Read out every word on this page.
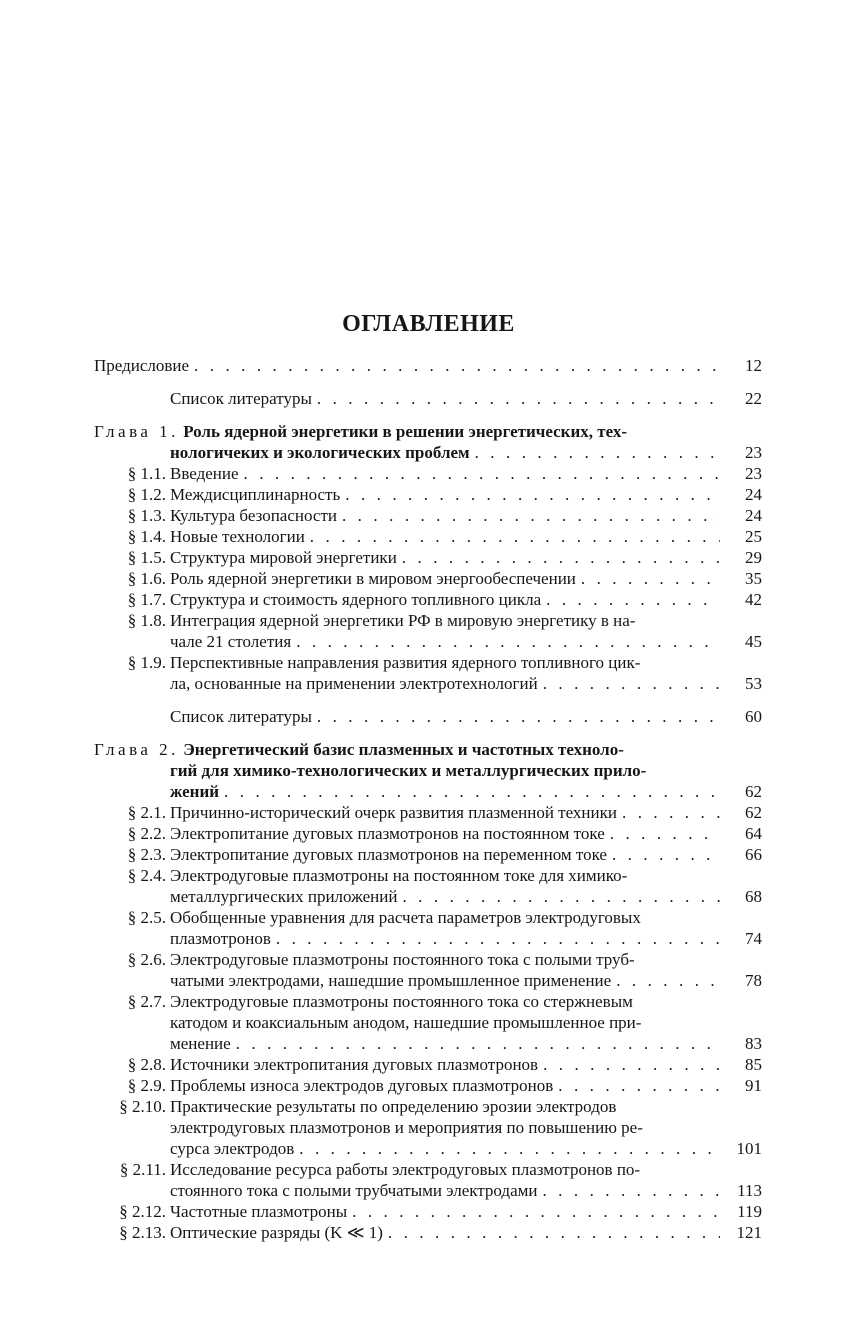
ОГЛАВЛЕНИЕ
Предисловие . . .	12
Список литературы . . .	22
Глава 1. Роль ядерной энергетики в решении энергетических, тех-
нологичеких и экологических проблем . . .	23
§ 1.1. Введение . . .	23
§ 1.2. Междисциплинарность . . .	24
§ 1.3. Культура безопасности . . .	24
§ 1.4. Новые технологии . . .	25
§ 1.5. Структура мировой энергетики . . .	29
§ 1.6. Роль ядерной энергетики в мировом энергообеспечении . . .	35
§ 1.7. Структура и стоимость ядерного топливного цикла . . .	42
§ 1.8. Интеграция ядерной энергетики РФ в мировую энергетику в на-
чале 21 столетия . . .	45
§ 1.9. Перспективные направления развития ядерного топливного цик-
ла, основанные на применении электротехнологий . . .	53
Список литературы . . .	60
Глава 2. Энергетический базис плазменных и частотных техноло-
гий для химико-технологических и металлургических прило-
жений . . .	62
§ 2.1. Причинно-исторический очерк развития плазменной техники . . .	62
§ 2.2. Электропитание дуговых плазмотронов на постоянном токе . . .	64
§ 2.3. Электропитание дуговых плазмотронов на переменном токе . . .	66
§ 2.4. Электродуговые плазмотроны на постоянном токе для химико-
металлургических приложений . . .	68
§ 2.5. Обобщенные уравнения для расчета параметров электродуговых
плазмотронов . . .	74
§ 2.6. Электродуговые плазмотроны постоянного тока с полыми труб-
чатыми электродами, нашедшие промышленное применение . . .	78
§ 2.7. Электродуговые плазмотроны постоянного тока со стержневым
катодом и коаксиальным анодом, нашедшие промышленное при-
менение . . .	83
§ 2.8. Источники электропитания дуговых плазмотронов . . .	85
§ 2.9. Проблемы износа электродов дуговых плазмотронов . . .	91
§ 2.10. Практические результаты по определению эрозии электродов
электродуговых плазмотронов и мероприятия по повышению ре-
сурса электродов . . .	101
§ 2.11. Исследование ресурса работы электродуговых плазмотронов по-
стоянного тока с полыми трубчатыми электродами . . .	113
§ 2.12. Частотные плазмотроны . . .	119
§ 2.13. Оптические разряды (K ≪ 1) . . .	121
